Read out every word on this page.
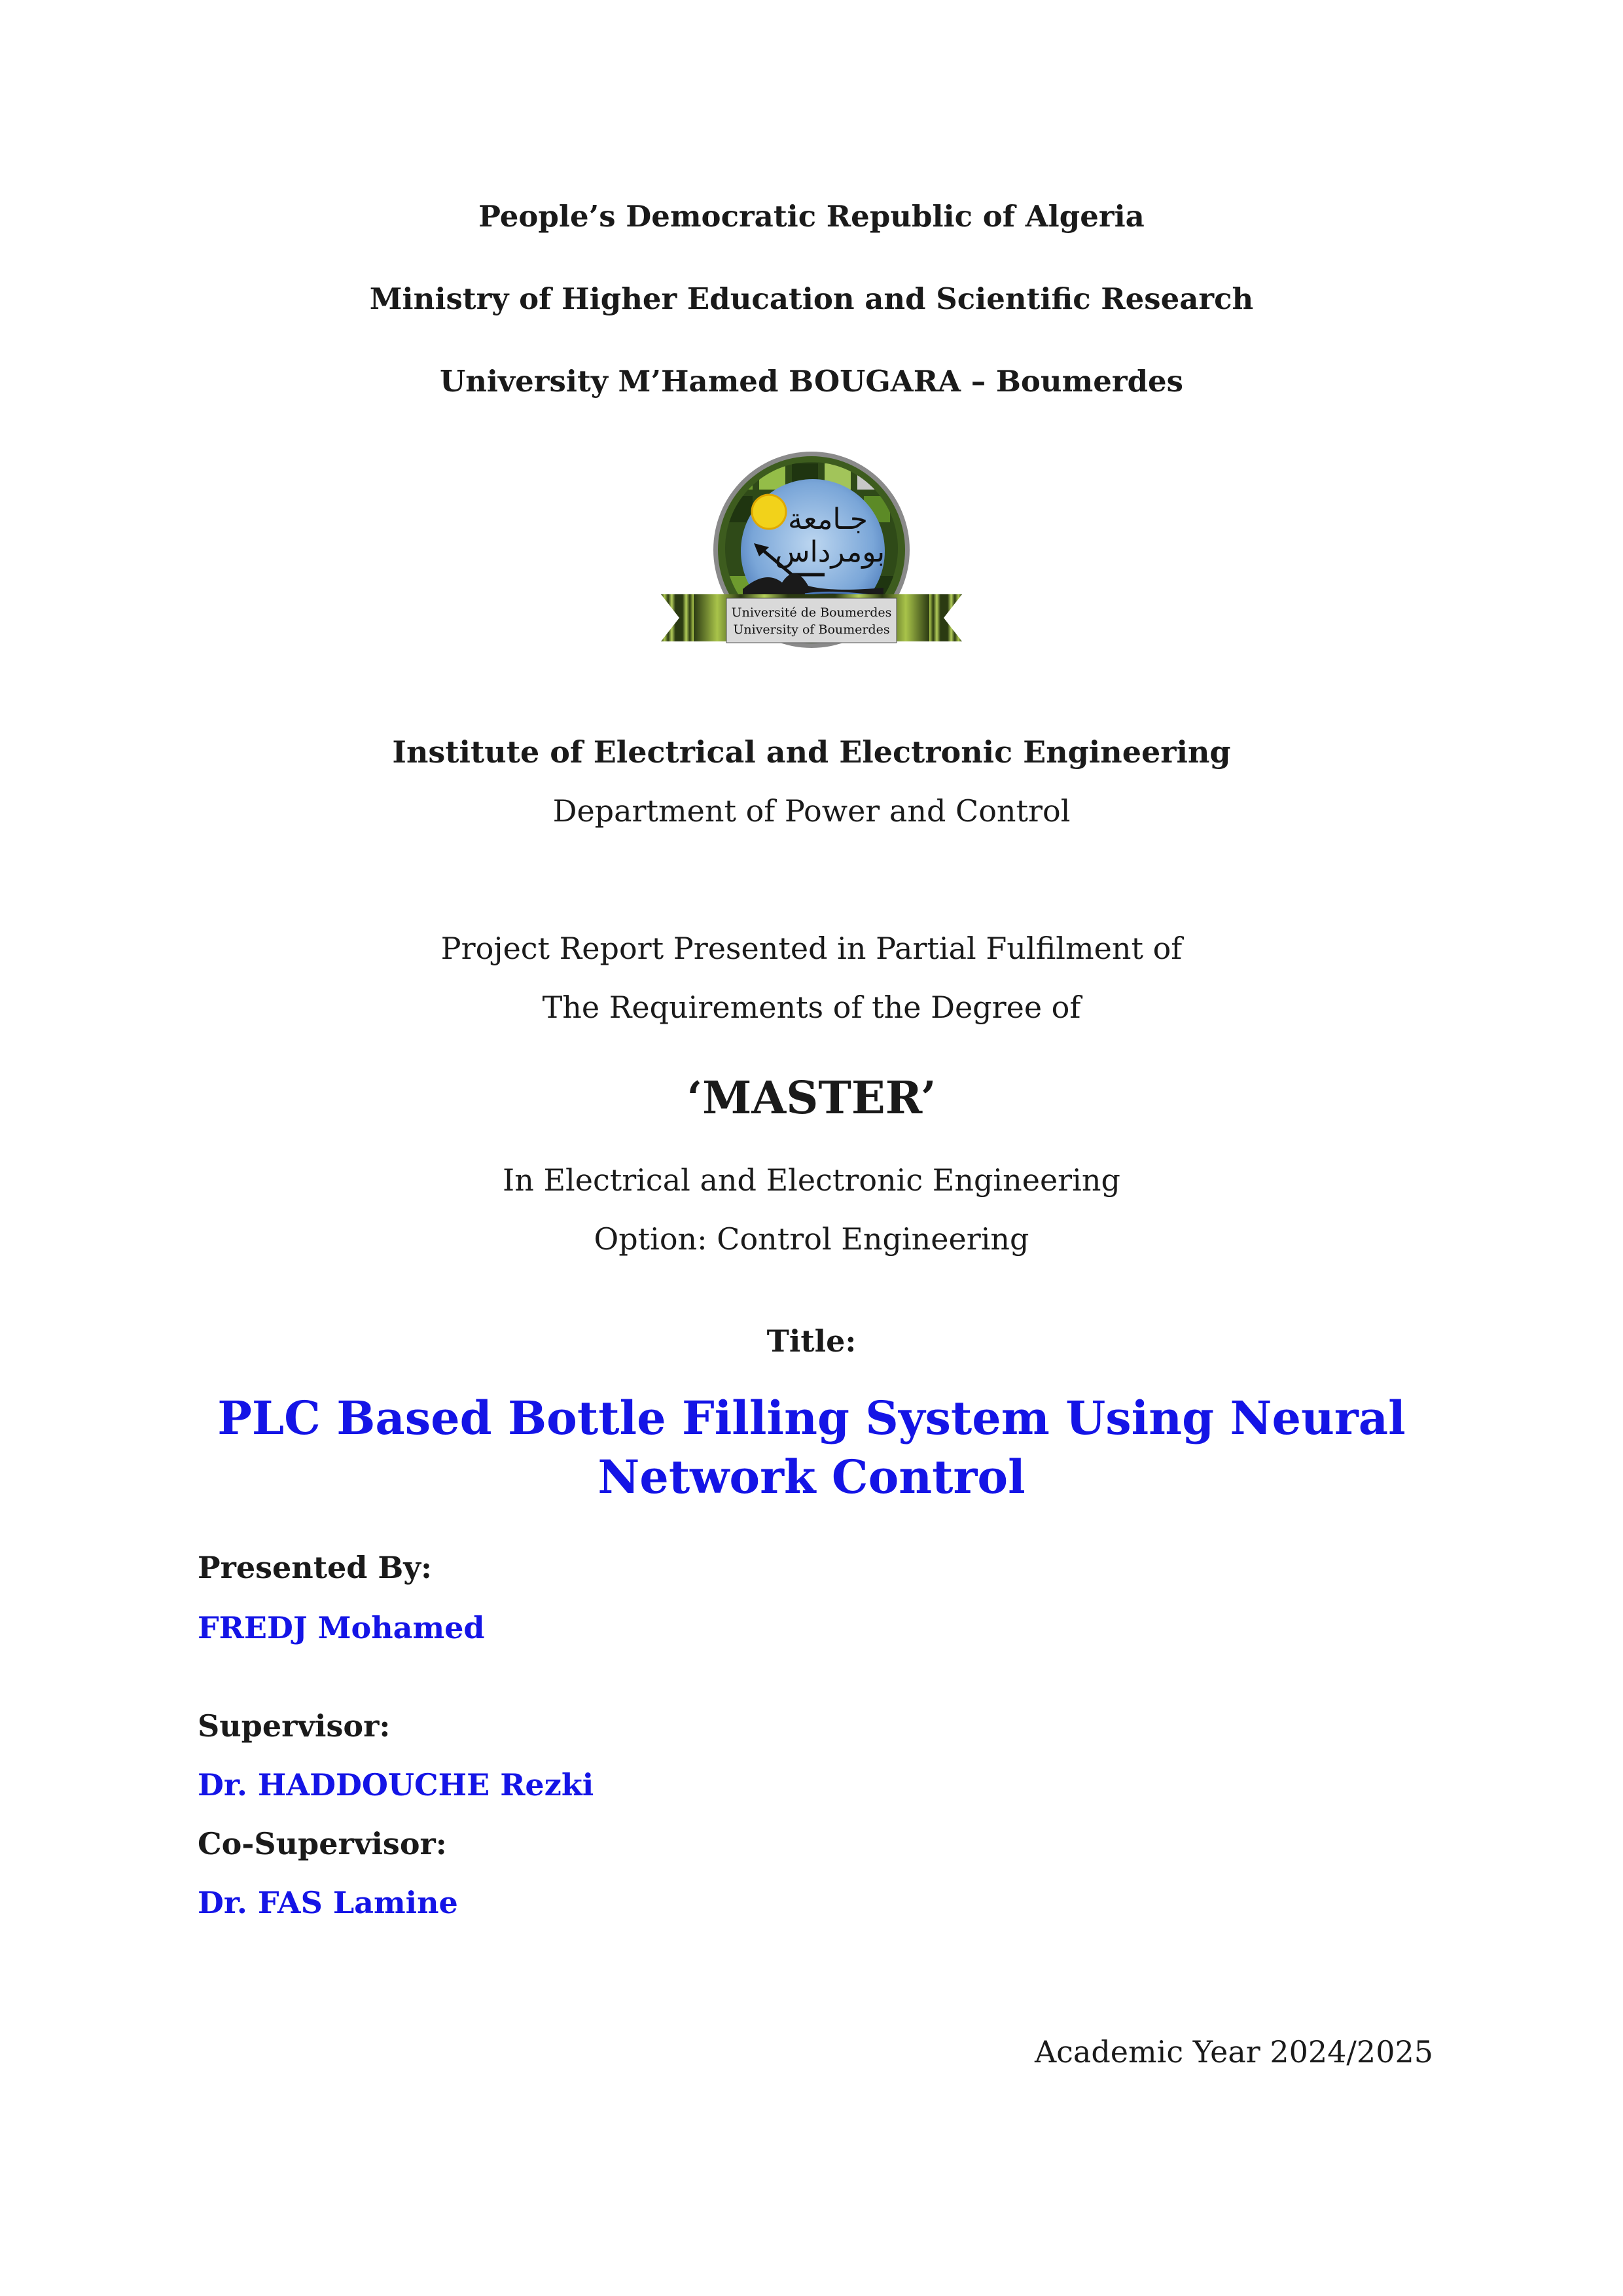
People’s Democratic Republic of Algeria
Ministry of Higher Education and Scientific Research
University M’Hamed BOUGARA – Boumerdes
جـامعة
بومرداس
Université de Boumerdes
University of Boumerdes
Institute of Electrical and Electronic Engineering
Department of Power and Control
Project Report Presented in Partial Fulfilment of
The Requirements of the Degree of
‘MASTER’
In Electrical and Electronic Engineering
Option: Control Engineering
Title:
PLC Based Bottle Filling System Using Neural
Network Control
Presented By:
FREDJ Mohamed
Supervisor:
Dr. HADDOUCHE Rezki
Co-Supervisor:
Dr. FAS Lamine
Academic Year 2024/2025
